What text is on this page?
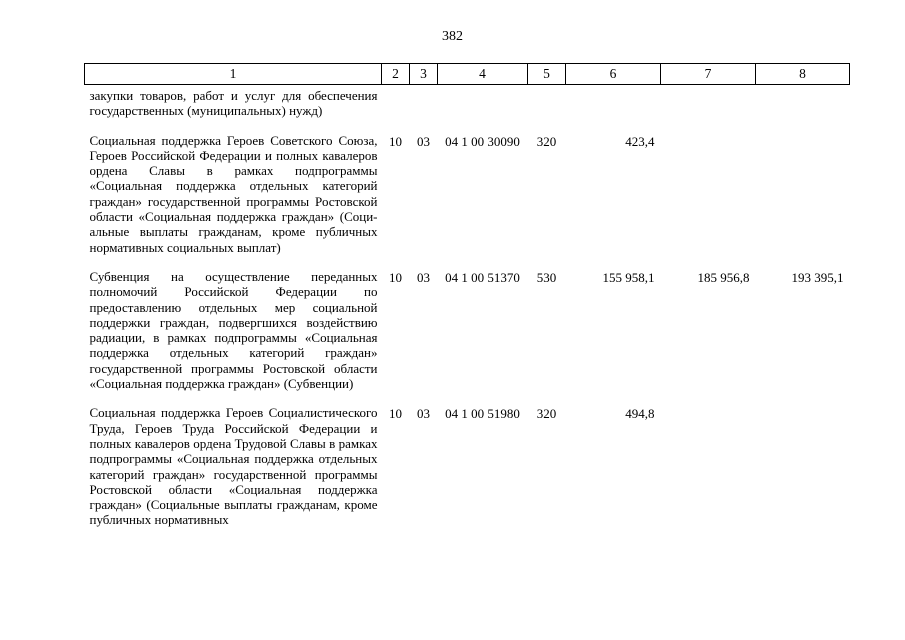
382
1	2	3	4	5	6	7	8
закупки товаров, работ и услуг для обеспечения государственных (муниципальных) нужд)							
Социальная поддержка Героев Советского Союза, Героев Российской Федерации и полных кавалеров ордена Славы в рамках подпрограммы «Социальная поддержка отдельных категорий граждан» государственной программы Ростовской области «Социальная поддержка граждан» (Социальные выплаты гражданам, кроме публичных нормативных социальных выплат)	10	03	04 1 00 30090	320	423,4		
Субвенция на осуществление переданных полномочий Российской Федерации по предоставлению отдельных мер социальной поддержки граждан, подвергшихся воздействию радиации, в рамках подпрограммы «Социальная поддержка отдельных категорий граждан» государственной программы Ростовской области «Социальная поддержка граждан» (Субвенции)	10	03	04 1 00 51370	530	155 958,1	185 956,8	193 395,1
Социальная поддержка Героев Социалистического Труда, Героев Труда Российской Федерации и полных кавалеров ордена Трудовой Славы в рамках подпрограммы «Социальная поддержка отдельных категорий граждан» государственной программы Ростовской области «Социальная поддержка граждан» (Социальные выплаты гражданам, кроме публичных нормативных	10	03	04 1 00 51980	320	494,8		
